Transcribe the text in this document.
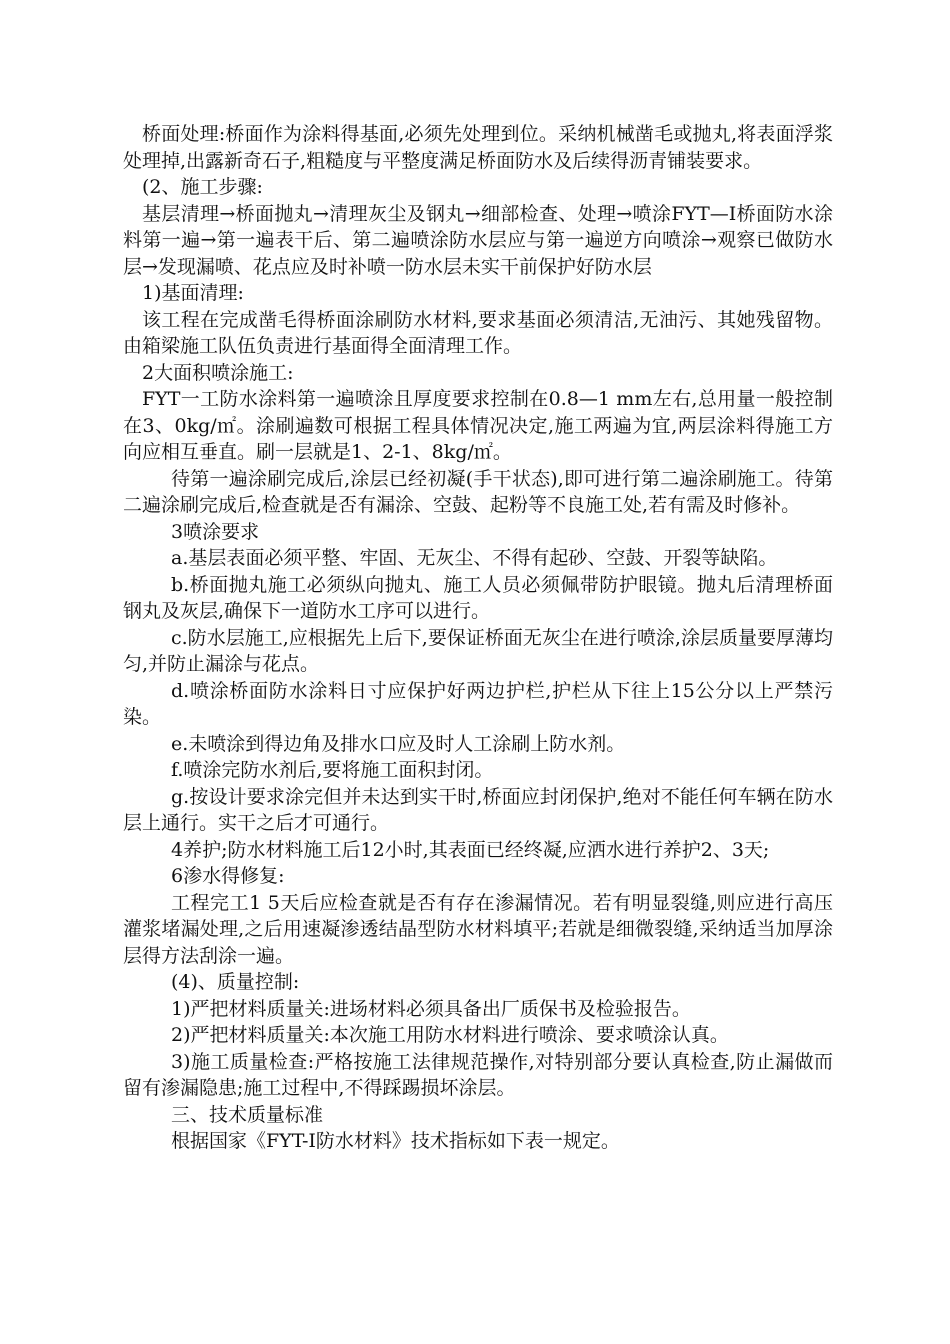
桥面处理:桥面作为涂料得基面,必须先处理到位。采纳机械凿毛或抛丸,将表面浮浆处理掉,出露新奇石子,粗糙度与平整度满足桥面防水及后续得沥青铺装要求。

(2、施工步骤:

基层清理→桥面抛丸→清理灰尘及钢丸→细部检查、处理→喷涂FYT—I桥面防水涂料第一遍→第一遍表干后、第二遍喷涂防水层应与第一遍逆方向喷涂→观察已做防水层→发现漏喷、花点应及时补喷一防水层未实干前保护好防水层

1)基面清理:

该工程在完成凿毛得桥面涂刷防水材料,要求基面必须清洁,无油污、其她残留物。由箱梁施工队伍负责进行基面得全面清理工作。

2大面积喷涂施工:

FYT一工防水涂料第一遍喷涂且厚度要求控制在0.8—1 mm左右,总用量一般控制在3、0kg/㎡。涂刷遍数可根据工程具体情况决定,施工两遍为宜,两层涂料得施工方向应相互垂直。刷一层就是1、2-1、8kg/㎡。

待第一遍涂刷完成后,涂层已经初凝(手干状态),即可进行第二遍涂刷施工。待第二遍涂刷完成后,检查就是否有漏涂、空鼓、起粉等不良施工处,若有需及时修补。

3喷涂要求

a.基层表面必须平整、牢固、无灰尘、不得有起砂、空鼓、开裂等缺陷。

b.桥面抛丸施工必须纵向抛丸、施工人员必须佩带防护眼镜。抛丸后清理桥面钢丸及灰层,确保下一道防水工序可以进行。

c.防水层施工,应根据先上后下,要保证桥面无灰尘在进行喷涂,涂层质量要厚薄均匀,并防止漏涂与花点。

d.喷涂桥面防水涂料日寸应保护好两边护栏,护栏从下往上15公分以上严禁污染。

e.未喷涂到得边角及排水口应及时人工涂刷上防水剂。

f.喷涂完防水剂后,要将施工面积封闭。

g.按设计要求涂完但并未达到实干时,桥面应封闭保护,绝对不能任何车辆在防水层上通行。实干之后才可通行。

4养护;防水材料施工后12小时,其表面已经终凝,应洒水进行养护2、3天;

6渗水得修复:

工程完工1 5天后应检查就是否有存在渗漏情况。若有明显裂缝,则应进行高压灌浆堵漏处理,之后用速凝渗透结晶型防水材料填平;若就是细微裂缝,采纳适当加厚涂层得方法刮涂一遍。

(4)、质量控制:

1)严把材料质量关:进场材料必须具备出厂质保书及检验报告。

2)严把材料质量关:本次施工用防水材料进行喷涂、要求喷涂认真。

3)施工质量检查:严格按施工法律规范操作,对特别部分要认真检查,防止漏做而留有渗漏隐患;施工过程中,不得踩踢损坏涂层。

三、技术质量标准

根据国家《FYT-I防水材料》技术指标如下表一规定。
